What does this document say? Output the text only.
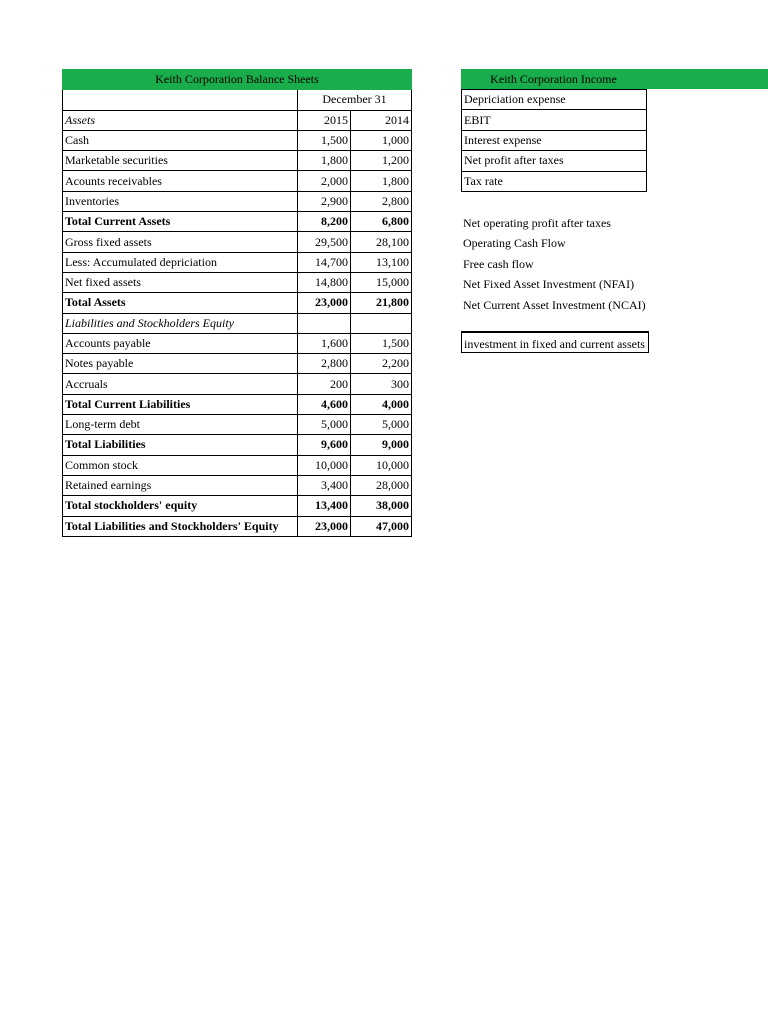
Keith Corporation Balance Sheets		
	December 31	
Assets	2015	2014
Cash	1,500	1,000
Marketable securities	1,800	1,200
Acounts receivables	2,000	1,800
Inventories	2,900	2,800
Total Current Assets	8,200	6,800
Gross fixed assets	29,500	28,100
Less: Accumulated depriciation	14,700	13,100
Net fixed assets	14,800	15,000
Total Assets	23,000	21,800
Liabilities and Stockholders Equity		
Accounts payable	1,600	1,500
Notes payable	2,800	2,200
Accruals	200	300
Total Current Liabilities	4,600	4,000
Long-term debt	5,000	5,000
Total Liabilities	9,600	9,000
Common stock	10,000	10,000
Retained earnings	3,400	28,000
Total stockholders' equity	13,400	38,000
Total Liabilities and Stockholders' Equity	23,000	47,000
Keith Corporation Income
Depriciation expense
EBIT
Interest expense
Net profit after taxes
Tax rate
Net operating profit after taxes
Operating Cash Flow
Free cash flow
Net Fixed Asset Investment (NFAI)
Net Current Asset Investment (NCAI)
investment in fixed and current assets
